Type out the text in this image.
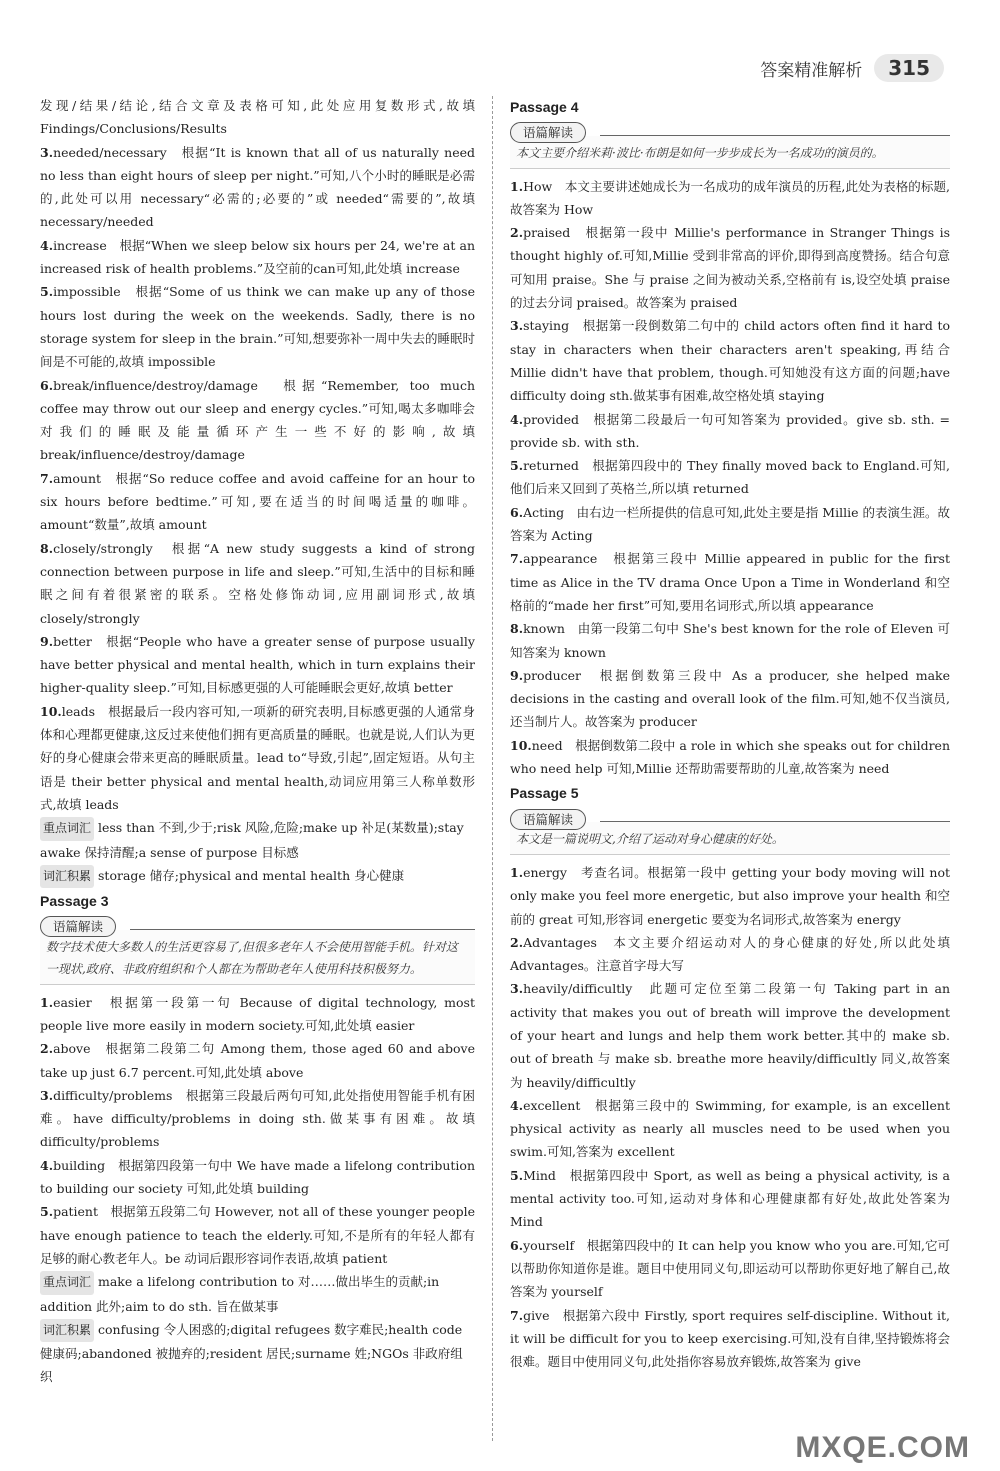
答案精准解析	315

发现/结果/结论,结合文章及表格可知,此处应用复数形式,故填Findings/Conclusions/Results

3.needed/necessary　根据“It is known that all of us naturally need no less than eight hours of sleep per night.”可知,八个小时的睡眠是必需的,此处可以用 necessary“必需的;必要的”或 needed“需要的”,故填necessary/needed

4.increase　根据“When we sleep below six hours per 24, we're at an increased risk of health problems.”及空前的can可知,此处填 increase

5.impossible　根据“Some of us think we can make up any of those hours lost during the week on the weekends. Sadly, there is no storage system for sleep in the brain.”可知,想要弥补一周中失去的睡眠时间是不可能的,故填 impossible

6.break/influence/destroy/damage　根据“Remember, too much coffee may throw out our sleep and energy cycles.”可知,喝太多咖啡会对我们的睡眠及能量循环产生一些不好的影响,故填 break/influence/destroy/damage

7.amount　根据“So reduce coffee and avoid caffeine for an hour to six hours before bedtime.”可知,要在适当的时间喝适量的咖啡。amount“数量”,故填 amount

8.closely/strongly　根据“A new study suggests a kind of strong connection between purpose in life and sleep.”可知,生活中的目标和睡眠之间有着很紧密的联系。空格处修饰动词,应用副词形式,故填 closely/strongly

9.better　根据“People who have a greater sense of purpose usually have better physical and mental health, which in turn explains their higher-quality sleep.”可知,目标感更强的人可能睡眠会更好,故填 better

10.leads　根据最后一段内容可知,一项新的研究表明,目标感更强的人通常身体和心理都更健康,这反过来使他们拥有更高质量的睡眠。也就是说,人们认为更好的身心健康会带来更高的睡眠质量。lead to“导致,引起”,固定短语。从句主语是 their better physical and mental health,动词应用第三人称单数形式,故填 leads

重点词汇 less than 不到,少于;risk 风险,危险;make up 补足(某数量);stay awake 保持清醒;a sense of purpose 目标感

词汇积累 storage 储存;physical and mental health 身心健康

Passage 3

语篇解读
数字技术使大多数人的生活更容易了,但很多老年人不会使用智能手机。针对这一现状,政府、非政府组织和个人都在为帮助老年人使用科技积极努力。

1.easier　根据第一段第一句 Because of digital technology, most people live more easily in modern society.可知,此处填 easier

2.above　根据第二段第二句 Among them, those aged 60 and above take up just 6.7 percent.可知,此处填 above

3.difficulty/problems　根据第三段最后两句可知,此处指使用智能手机有困难。have difficulty/problems in doing sth.做某事有困难。故填 difficulty/problems

4.building　根据第四段第一句中 We have made a lifelong contribution to building our society 可知,此处填 building

5.patient　根据第五段第二句 However, not all of these younger people have enough patience to teach the elderly.可知,不是所有的年轻人都有足够的耐心教老年人。be 动词后跟形容词作表语,故填 patient

重点词汇 make a lifelong contribution to 对……做出毕生的贡献;in addition 此外;aim to do sth. 旨在做某事

词汇积累 confusing 令人困惑的;digital refugees 数字难民;health code 健康码;abandoned 被抛弃的;resident 居民;surname 姓;NGOs 非政府组织

Passage 4

语篇解读
本文主要介绍米莉·波比·布朗是如何一步步成长为一名成功的演员的。

1.How　本文主要讲述她成长为一名成功的成年演员的历程,此处为表格的标题,故答案为 How

2.praised　根据第一段中 Millie's performance in Stranger Things is thought highly of.可知,Millie 受到非常高的评价,即得到高度赞扬。结合句意可知用 praise。She 与 praise 之间为被动关系,空格前有 is,设空处填 praise 的过去分词 praised。故答案为 praised

3.staying　根据第一段倒数第二句中的 child actors often find it hard to stay in characters when their characters aren't speaking,再结合 Millie didn't have that problem, though.可知她没有这方面的问题;have difficulty doing sth.做某事有困难,故空格处填 staying

4.provided　根据第二段最后一句可知答案为 provided。give sb. sth. = provide sb. with sth.

5.returned　根据第四段中的 They finally moved back to England.可知,他们后来又回到了英格兰,所以填 returned

6.Acting　由右边一栏所提供的信息可知,此处主要是指 Millie 的表演生涯。故答案为 Acting

7.appearance　根据第三段中 Millie appeared in public for the first time as Alice in the TV drama Once Upon a Time in Wonderland 和空格前的“made her first”可知,要用名词形式,所以填 appearance

8.known　由第一段第二句中 She's best known for the role of Eleven 可知答案为 known

9.producer　根据倒数第三段中 As a producer, she helped make decisions in the casting and overall look of the film.可知,她不仅当演员,还当制片人。故答案为 producer

10.need　根据倒数第二段中 a role in which she speaks out for children who need help 可知,Millie 还帮助需要帮助的儿童,故答案为 need

Passage 5

语篇解读
本文是一篇说明文,介绍了运动对身心健康的好处。

1.energy　考查名词。根据第一段中 getting your body moving will not only make you feel more energetic, but also improve your health 和空前的 great 可知,形容词 energetic 要变为名词形式,故答案为 energy

2.Advantages　本文主要介绍运动对人的身心健康的好处,所以此处填 Advantages。注意首字母大写

3.heavily/difficultly　此题可定位至第二段第一句 Taking part in an activity that makes you out of breath will improve the development of your heart and lungs and help them work better.其中的 make sb. out of breath 与 make sb. breathe more heavily/difficultly 同义,故答案为 heavily/difficultly

4.excellent　根据第三段中的 Swimming, for example, is an excellent physical activity as nearly all muscles need to be used when you swim.可知,答案为 excellent

5.Mind　根据第四段中 Sport, as well as being a physical activity, is a mental activity too.可知,运动对身体和心理健康都有好处,故此处答案为 Mind

6.yourself　根据第四段中的 It can help you know who you are.可知,它可以帮助你知道你是谁。题目中使用同义句,即运动可以帮助你更好地了解自己,故答案为 yourself

7.give　根据第六段中 Firstly, sport requires self-discipline. Without it, it will be difficult for you to keep exercising.可知,没有自律,坚持锻炼将会很难。题目中使用同义句,此处指你容易放弃锻炼,故答案为 give

MXQE.COM
